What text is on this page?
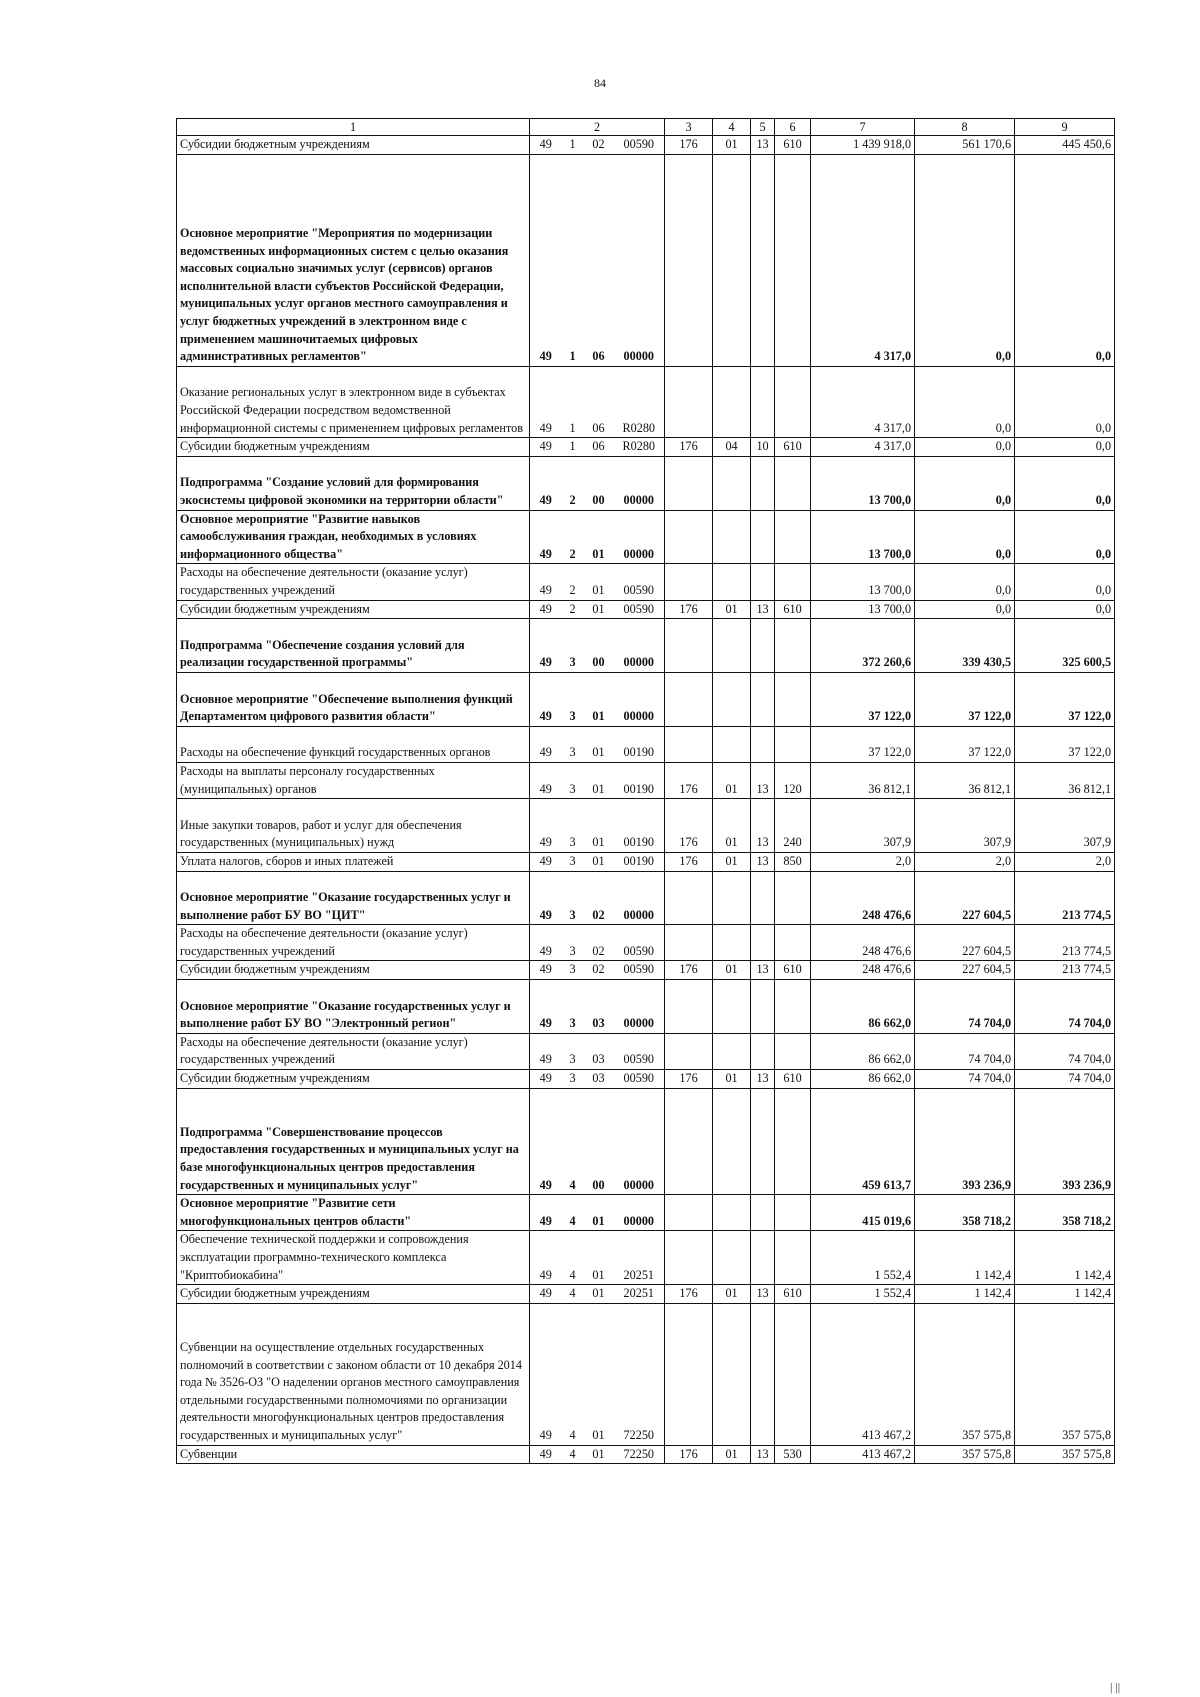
84
1	2				3	4	5	6	7	8	9
Субсидии бюджетным учреждениям	49	1	02	00590	176	01	13	610	1 439 918,0	561 170,6	445 450,6
Основное мероприятие "Мероприятия по модернизации ведомственных информационных систем с целью оказания массовых социально значимых услуг (сервисов) органов исполнительной власти субъектов Российской Федерации, муниципальных услуг органов местного самоуправления и услуг бюджетных учреждений в электронном виде с применением машиночитаемых цифровых административных регламентов"	49	1	06	00000					4 317,0	0,0	0,0
Оказание региональных услуг в электронном виде в субъектах Российской Федерации посредством ведомственной информационной системы с применением цифровых регламентов	49	1	06	R0280					4 317,0	0,0	0,0
Субсидии бюджетным учреждениям	49	1	06	R0280	176	04	10	610	4 317,0	0,0	0,0
Подпрограмма "Создание условий для формирования экосистемы цифровой экономики на территории области"	49	2	00	00000					13 700,0	0,0	0,0
Основное мероприятие "Развитие навыков самообслуживания граждан, необходимых в условиях информационного общества"	49	2	01	00000					13 700,0	0,0	0,0
Расходы на обеспечение деятельности (оказание услуг) государственных учреждений	49	2	01	00590					13 700,0	0,0	0,0
Субсидии бюджетным учреждениям	49	2	01	00590	176	01	13	610	13 700,0	0,0	0,0
Подпрограмма "Обеспечение создания условий для реализации государственной программы"	49	3	00	00000					372 260,6	339 430,5	325 600,5
Основное мероприятие "Обеспечение выполнения функций Департаментом цифрового развития области"	49	3	01	00000					37 122,0	37 122,0	37 122,0
Расходы на обеспечение функций государственных органов	49	3	01	00190					37 122,0	37 122,0	37 122,0
Расходы на выплаты персоналу государственных (муниципальных) органов	49	3	01	00190	176	01	13	120	36 812,1	36 812,1	36 812,1
Иные закупки товаров, работ и услуг для обеспечения государственных (муниципальных) нужд	49	3	01	00190	176	01	13	240	307,9	307,9	307,9
Уплата налогов, сборов и иных платежей	49	3	01	00190	176	01	13	850	2,0	2,0	2,0
Основное мероприятие "Оказание государственных услуг и выполнение работ БУ ВО "ЦИТ"	49	3	02	00000					248 476,6	227 604,5	213 774,5
Расходы на обеспечение деятельности (оказание услуг) государственных учреждений	49	3	02	00590					248 476,6	227 604,5	213 774,5
Субсидии бюджетным учреждениям	49	3	02	00590	176	01	13	610	248 476,6	227 604,5	213 774,5
Основное мероприятие "Оказание государственных услуг и выполнение работ БУ ВО "Электронный регион"	49	3	03	00000					86 662,0	74 704,0	74 704,0
Расходы на обеспечение деятельности (оказание услуг) государственных учреждений	49	3	03	00590					86 662,0	74 704,0	74 704,0
Субсидии бюджетным учреждениям	49	3	03	00590	176	01	13	610	86 662,0	74 704,0	74 704,0
Подпрограмма "Совершенствование процессов предоставления государственных и муниципальных услуг на базе многофункциональных центров предоставления государственных и муниципальных услуг"	49	4	00	00000					459 613,7	393 236,9	393 236,9
Основное мероприятие "Развитие сети многофункциональных центров области"	49	4	01	00000					415 019,6	358 718,2	358 718,2
Обеспечение технической поддержки и сопровождения эксплуатации программно-технического комплекса "Криптобиокабина"	49	4	01	20251					1 552,4	1 142,4	1 142,4
Субсидии бюджетным учреждениям	49	4	01	20251	176	01	13	610	1 552,4	1 142,4	1 142,4
Субвенции на осуществление отдельных государственных полномочий в соответствии с законом области от 10 декабря 2014 года № 3526-ОЗ "О наделении органов местного самоуправления отдельными государственными полномочиями по организации деятельности многофункциональных центров предоставления государственных и муниципальных услуг"	49	4	01	72250					413 467,2	357 575,8	357 575,8
Субвенции	49	4	01	72250	176	01	13	530	413 467,2	357 575,8	357 575,8
| ||
